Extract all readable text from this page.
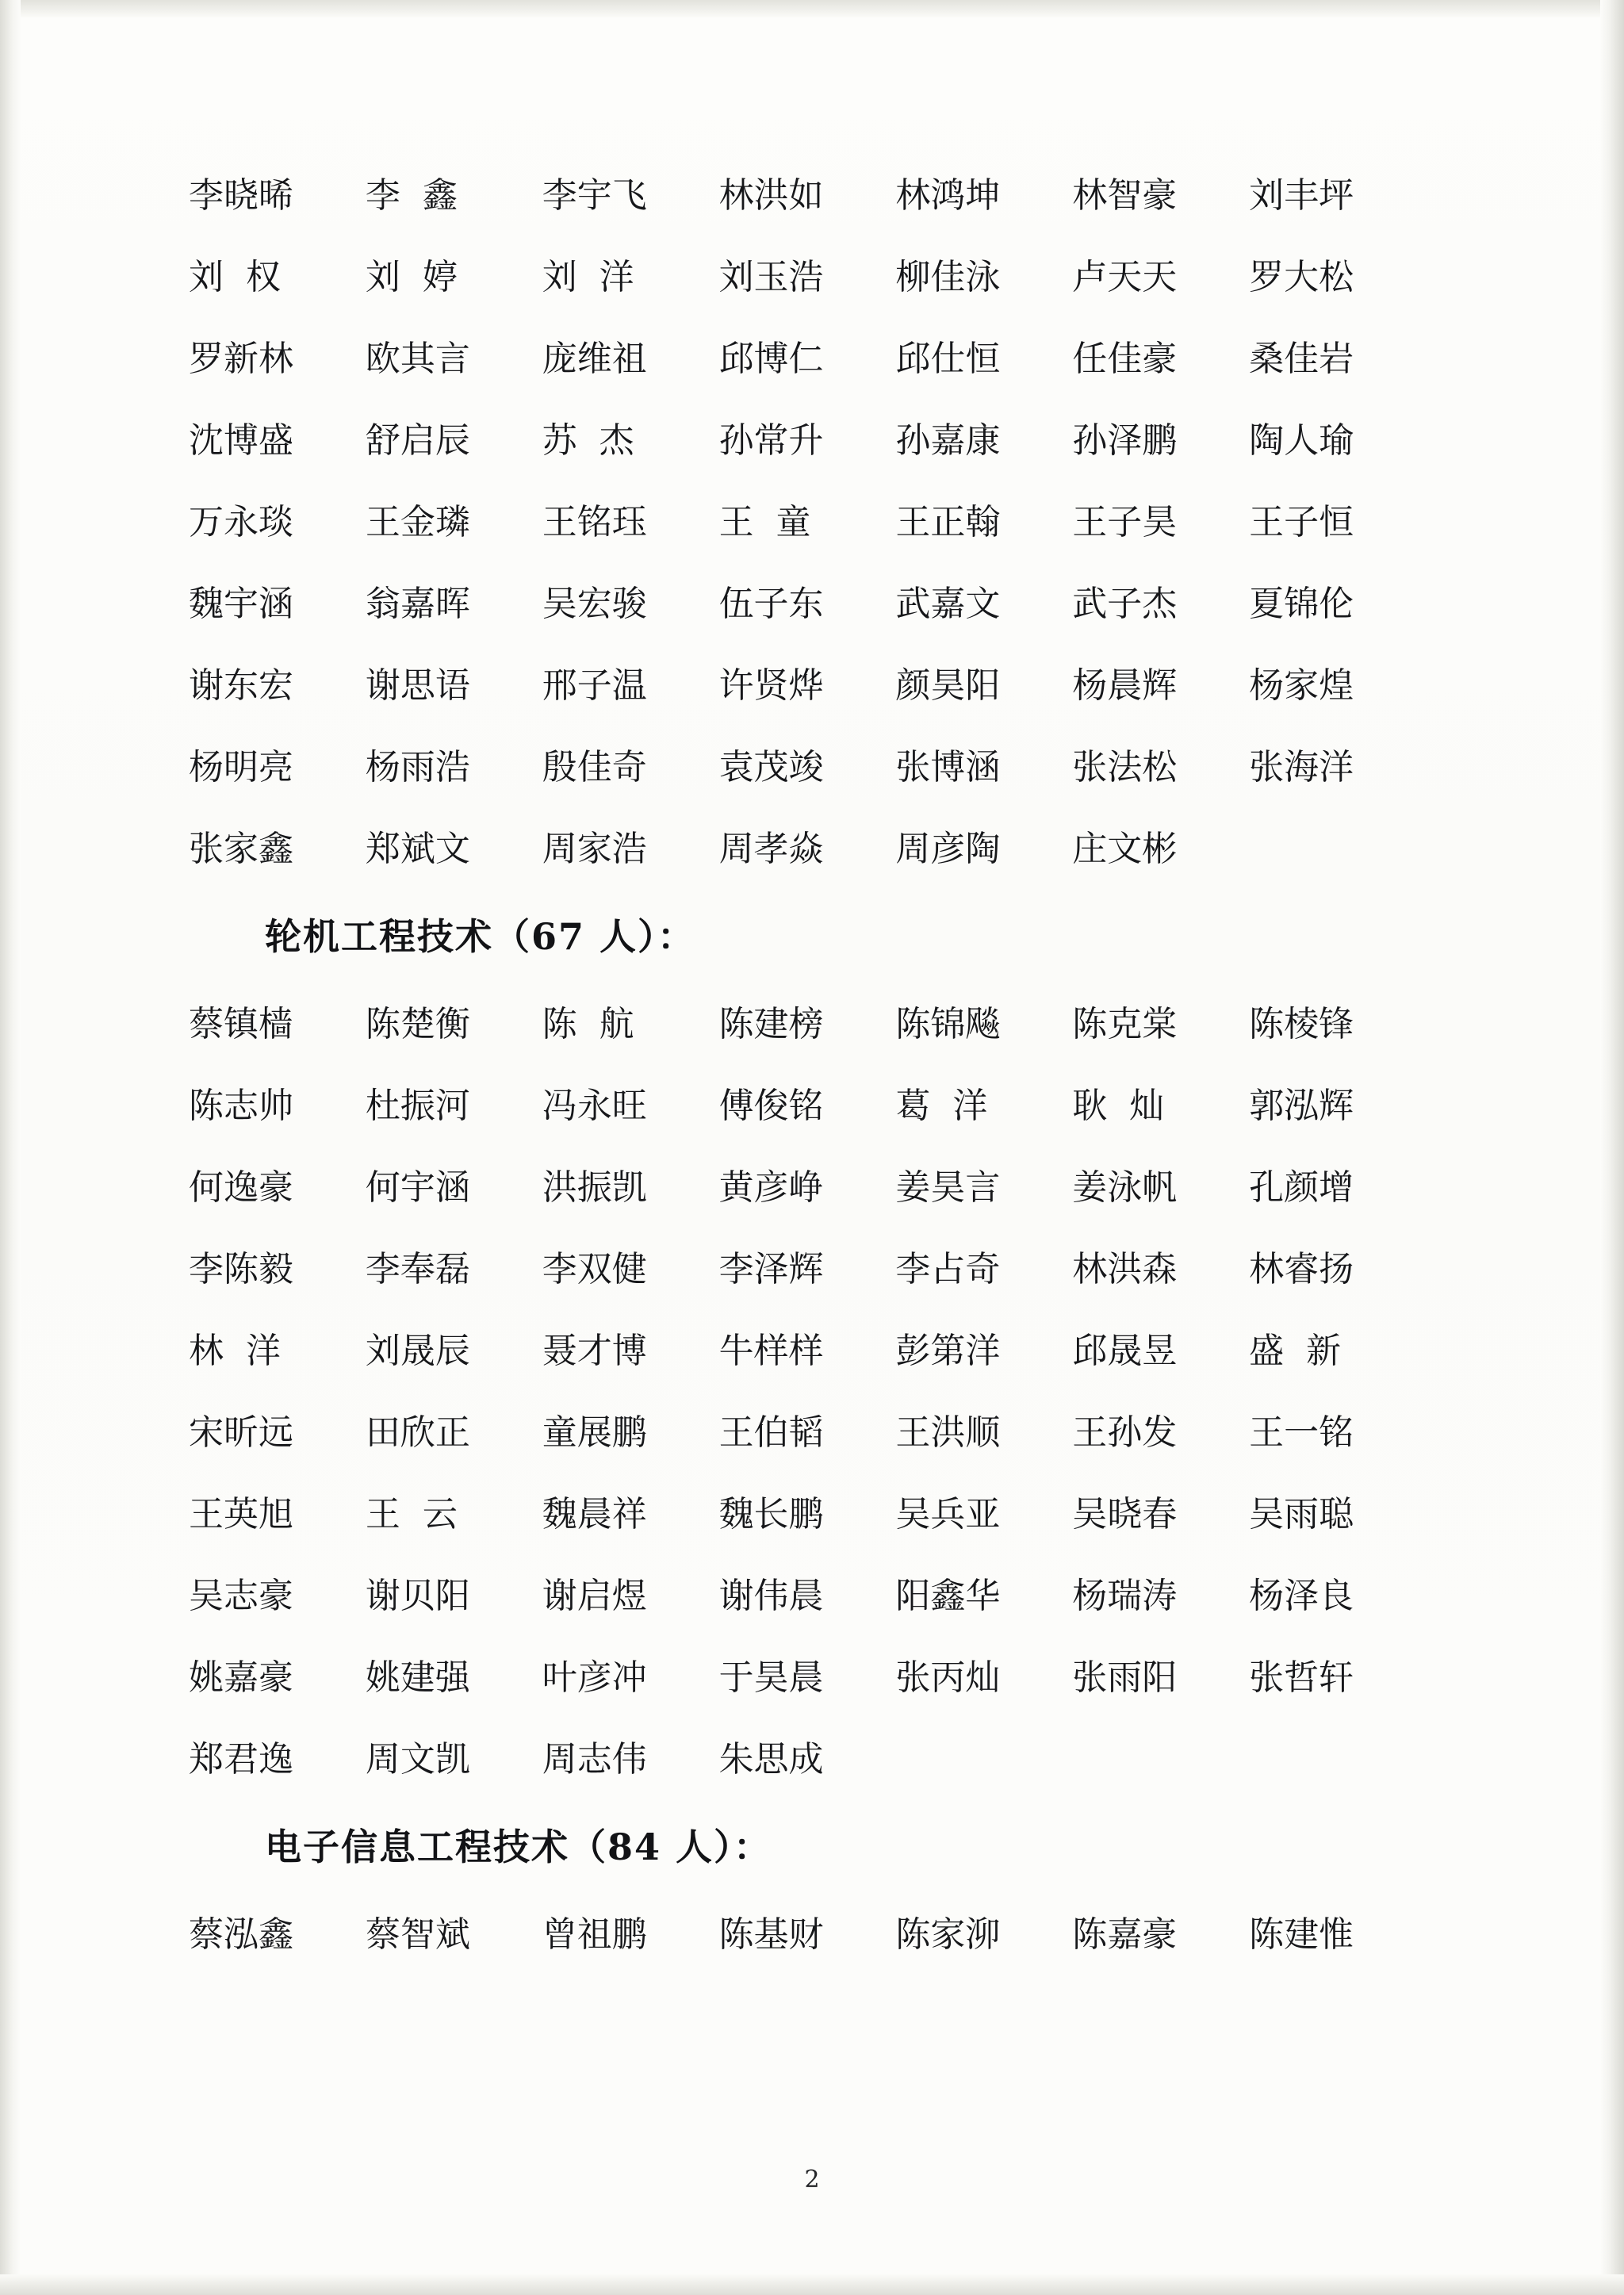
李晓晞	李  鑫	李宇飞	林洪如	林鸿坤	林智豪	刘丰坪
刘  权	刘  婷	刘  洋	刘玉浩	柳佳泳	卢天天	罗大松
罗新林	欧其言	庞维祖	邱博仁	邱仕恒	任佳豪	桑佳岩
沈博盛	舒启辰	苏  杰	孙常升	孙嘉康	孙泽鹏	陶人瑜
万永琰	王金璘	王铭珏	王  童	王正翰	王子昊	王子恒
魏宇涵	翁嘉晖	吴宏骏	伍子东	武嘉文	武子杰	夏锦伦
谢东宏	谢思语	邢子温	许贤烨	颜昊阳	杨晨辉	杨家煌
杨明亮	杨雨浩	殷佳奇	袁茂竣	张博涵	张法松	张海洋
张家鑫	郑斌文	周家浩	周孝焱	周彦陶	庄文彬
轮机工程技术（67 人）：
蔡镇樯	陈楚衡	陈  航	陈建榜	陈锦飚	陈克棠	陈棱锋
陈志帅	杜振河	冯永旺	傅俊铭	葛  洋	耿  灿	郭泓辉
何逸豪	何宇涵	洪振凯	黄彦峥	姜昊言	姜泳帆	孔颜增
李陈毅	李奉磊	李双健	李泽辉	李占奇	林洪森	林睿扬
林  洋	刘晟辰	聂才博	牛样样	彭第洋	邱晟昱	盛  新
宋昕远	田欣正	童展鹏	王伯韬	王洪顺	王孙发	王一铭
王英旭	王  云	魏晨祥	魏长鹏	吴兵亚	吴晓春	吴雨聪
吴志豪	谢贝阳	谢启煜	谢伟晨	阳鑫华	杨瑞涛	杨泽良
姚嘉豪	姚建强	叶彦冲	于昊晨	张丙灿	张雨阳	张哲轩
郑君逸	周文凯	周志伟	朱思成
电子信息工程技术（84 人）：
蔡泓鑫	蔡智斌	曾祖鹏	陈基财	陈家泖	陈嘉豪	陈建惟
2
